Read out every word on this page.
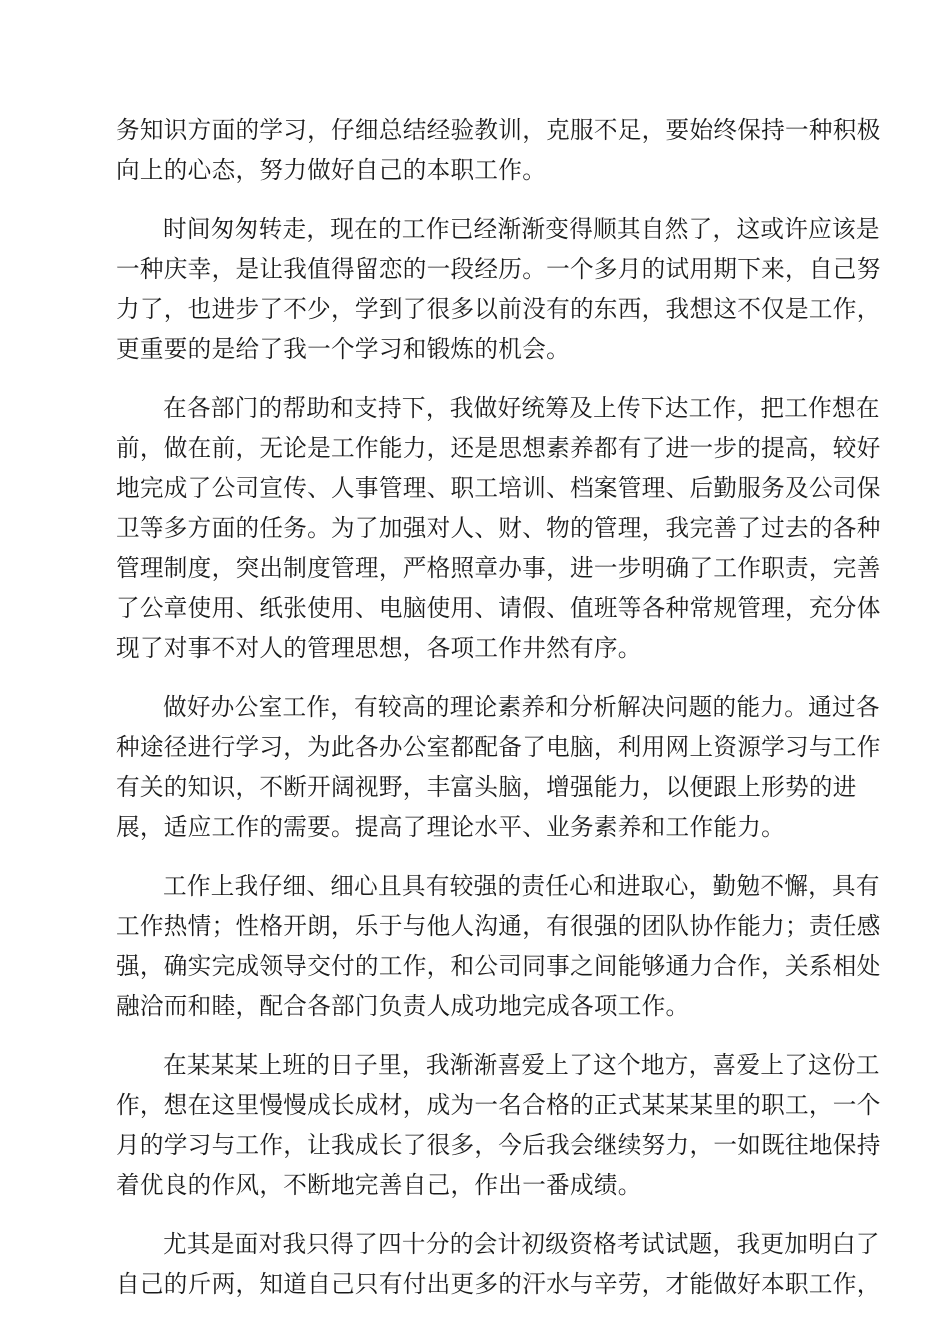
务知识方面的学习，仔细总结经验教训，克服不足，要始终保持一种积极
向上的心态，努力做好自己的本职工作。
时间匆匆转走，现在的工作已经渐渐变得顺其自然了，这或许应该是
一种庆幸，是让我值得留恋的一段经历。一个多月的试用期下来，自己努
力了，也进步了不少，学到了很多以前没有的东西，我想这不仅是工作，
更重要的是给了我一个学习和锻炼的机会。
在各部门的帮助和支持下，我做好统筹及上传下达工作，把工作想在
前，做在前，无论是工作能力，还是思想素养都有了进一步的提高，较好
地完成了公司宣传、人事管理、职工培训、档案管理、后勤服务及公司保
卫等多方面的任务。为了加强对人、财、物的管理，我完善了过去的各种
管理制度，突出制度管理，严格照章办事，进一步明确了工作职责，完善
了公章使用、纸张使用、电脑使用、请假、值班等各种常规管理，充分体
现了对事不对人的管理思想，各项工作井然有序。
做好办公室工作，有较高的理论素养和分析解决问题的能力。通过各
种途径进行学习，为此各办公室都配备了电脑，利用网上资源学习与工作
有关的知识，不断开阔视野，丰富头脑，增强能力，以便跟上形势的进
展，适应工作的需要。提高了理论水平、业务素养和工作能力。
工作上我仔细、细心且具有较强的责任心和进取心，勤勉不懈，具有
工作热情；性格开朗，乐于与他人沟通，有很强的团队协作能力；责任感
强，确实完成领导交付的工作，和公司同事之间能够通力合作，关系相处
融洽而和睦，配合各部门负责人成功地完成各项工作。
在某某某上班的日子里，我渐渐喜爱上了这个地方，喜爱上了这份工
作，想在这里慢慢成长成材，成为一名合格的正式某某某里的职工，一个
月的学习与工作，让我成长了很多，今后我会继续努力，一如既往地保持
着优良的作风，不断地完善自己，作出一番成绩。
尤其是面对我只得了四十分的会计初级资格考试试题，我更加明白了
自己的斤两，知道自己只有付出更多的汗水与辛劳，才能做好本职工作，
